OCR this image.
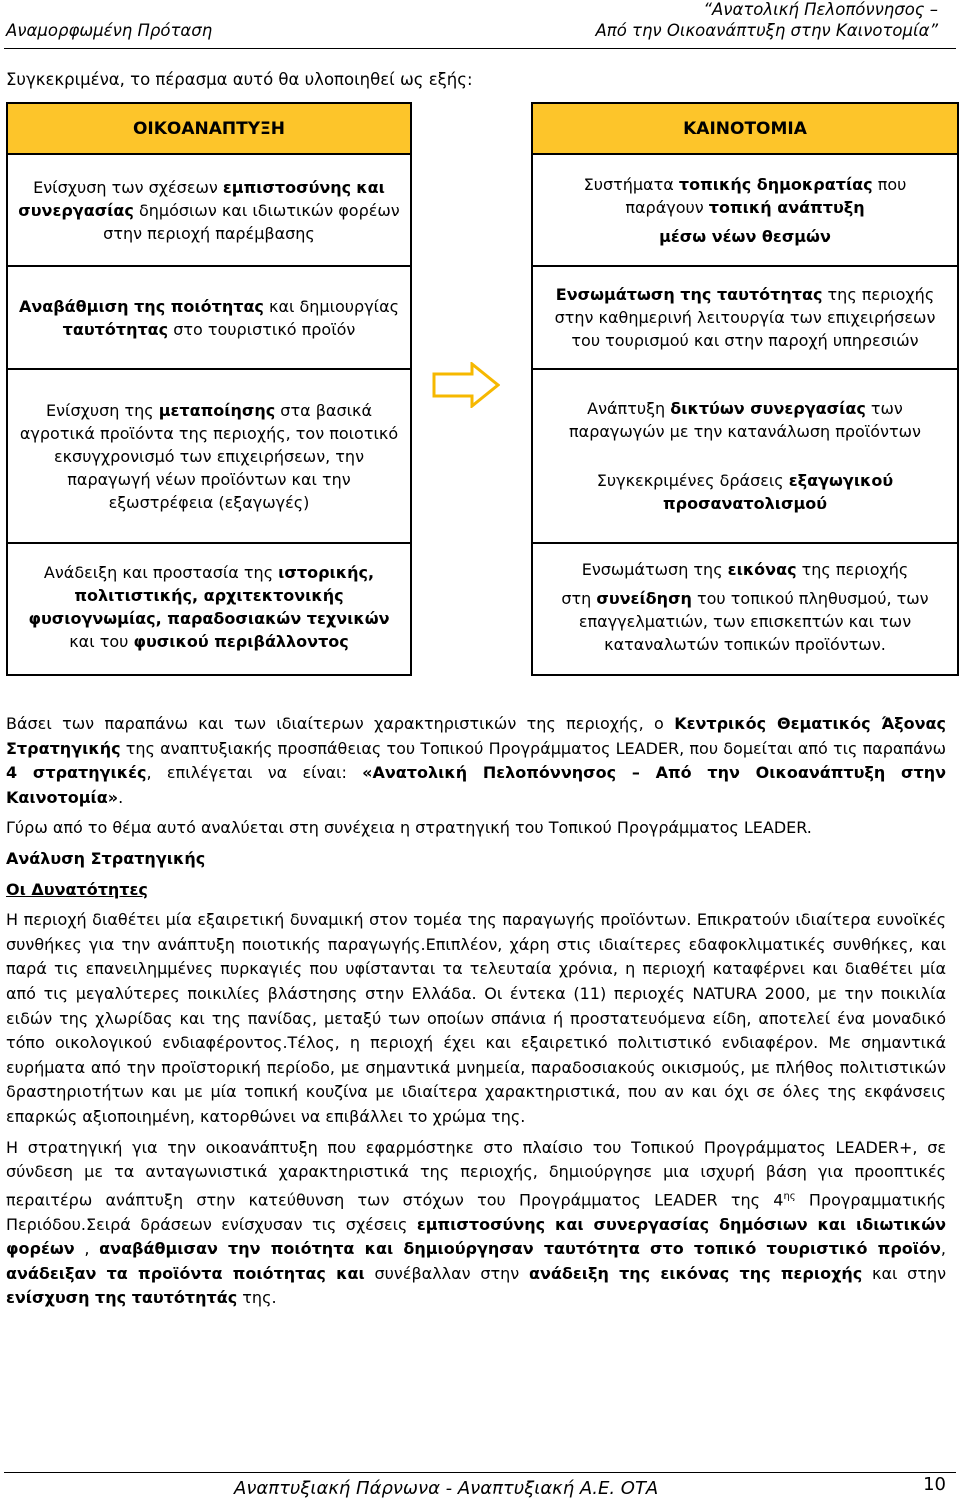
Αναμορφωμένη Πρόταση
“Ανατολική Πελοπόννησος –
Από την Οικοανάπτυξη στην Καινοτομία”
Συγκεκριμένα, το πέρασμα αυτό θα υλοποιηθεί ως εξής:
ΟΙΚΟΑΝΑΠΤΥΞΗ
Ενίσχυση των σχέσεων εμπιστοσύνης και συνεργασίας δημόσιων και ιδιωτικών φορέων στην περιοχή παρέμβασης
Αναβάθμιση της ποιότητας και δημιουργίας ταυτότητας στο τουριστικό προϊόν
Ενίσχυση της μεταποίησης στα βασικά αγροτικά προϊόντα της περιοχής, τον ποιοτικό εκσυγχρονισμό των επιχειρήσεων, την παραγωγή νέων προϊόντων και την εξωστρέφεια (εξαγωγές)
Ανάδειξη και προστασία της ιστορικής, πολιτιστικής, αρχιτεκτονικής φυσιογνωμίας, παραδοσιακών τεχνικών και του φυσικού περιβάλλοντος
ΚΑΙΝΟΤΟΜΙΑ
Συστήματα τοπικής δημοκρατίας που παράγουν τοπική ανάπτυξη
μέσω νέων θεσμών
Ενσωμάτωση της ταυτότητας της περιοχής στην καθημερινή λειτουργία των επιχειρήσεων του τουρισμού και στην παροχή υπηρεσιών
Ανάπτυξη δικτύων συνεργασίας των παραγωγών με την κατανάλωση προϊόντων
Συγκεκριμένες δράσεις εξαγωγικού προσανατολισμού
Ενσωμάτωση της εικόνας της περιοχής
στη συνείδηση του τοπικού πληθυσμού, των επαγγελματιών, των επισκεπτών και των καταναλωτών τοπικών προϊόντων.

Βάσει των παραπάνω και των ιδιαίτερων χαρακτηριστικών της περιοχής, ο Κεντρικός Θεματικός Άξονας Στρατηγικής της αναπτυξιακής προσπάθειας του Τοπικού Προγράμματος LEADER, που δομείται από τις παραπάνω 4 στρατηγικές, επιλέγεται να είναι: «Ανατολική Πελοπόννησος – Από την Οικοανάπτυξη στην Καινοτομία».

Γύρω από το θέμα αυτό αναλύεται στη συνέχεια η στρατηγική του Τοπικού Προγράμματος LEADER.

Ανάλυση Στρατηγικής

Οι Δυνατότητες

Η περιοχή διαθέτει μία εξαιρετική δυναμική στον τομέα της παραγωγής προϊόντων. Επικρατούν ιδιαίτερα ευνοϊκές συνθήκες για την ανάπτυξη ποιοτικής παραγωγής.Επιπλέον, χάρη στις ιδιαίτερες εδαφοκλιματικές συνθήκες, και παρά τις επανειλημμένες πυρκαγιές που υφίστανται τα τελευταία χρόνια, η περιοχή καταφέρνει και διαθέτει μία από τις μεγαλύτερες ποικιλίες βλάστησης στην Ελλάδα. Οι έντεκα (11) περιοχές NATURA 2000, με την ποικιλία ειδών της χλωρίδας και της πανίδας, μεταξύ των οποίων σπάνια ή προστατευόμενα είδη, αποτελεί ένα μοναδικό τόπο οικολογικού ενδιαφέροντος.Τέλος, η περιοχή έχει και εξαιρετικό πολιτιστικό ενδιαφέρον. Με σημαντικά ευρήματα από την προϊστορική περίοδο, με σημαντικά μνημεία, παραδοσιακούς οικισμούς, με πλήθος πολιτιστικών δραστηριοτήτων και με μία τοπική κουζίνα με ιδιαίτερα χαρακτηριστικά, που αν και όχι σε όλες της εκφάνσεις επαρκώς αξιοποιημένη, κατορθώνει να επιβάλλει το χρώμα της.

Η στρατηγική για την οικοανάπτυξη που εφαρμόστηκε στο πλαίσιο του Τοπικού Προγράμματος LEADER+, σε σύνδεση με τα ανταγωνιστικά χαρακτηριστικά της περιοχής, δημιούργησε μια ισχυρή βάση για προοπτικές περαιτέρω ανάπτυξη στην κατεύθυνση των στόχων του Προγράμματος LEADER της $4^{\eta\varsigma}$ Προγραμματικής Περιόδου.Σειρά δράσεων ενίσχυσαν τις σχέσεις εμπιστοσύνης και συνεργασίας δημόσιων και ιδιωτικών φορέων , αναβάθμισαν την ποιότητα και δημιούργησαν ταυτότητα στο τοπικό τουριστικό προϊόν, ανάδειξαν τα προϊόντα ποιότητας και συνέβαλλαν στην ανάδειξη της εικόνας της περιοχής και στην ενίσχυση της ταυτότητάς της.

Αναπτυξιακή Πάρνωνα - Αναπτυξιακή Α.Ε. ΟΤΑ	10
